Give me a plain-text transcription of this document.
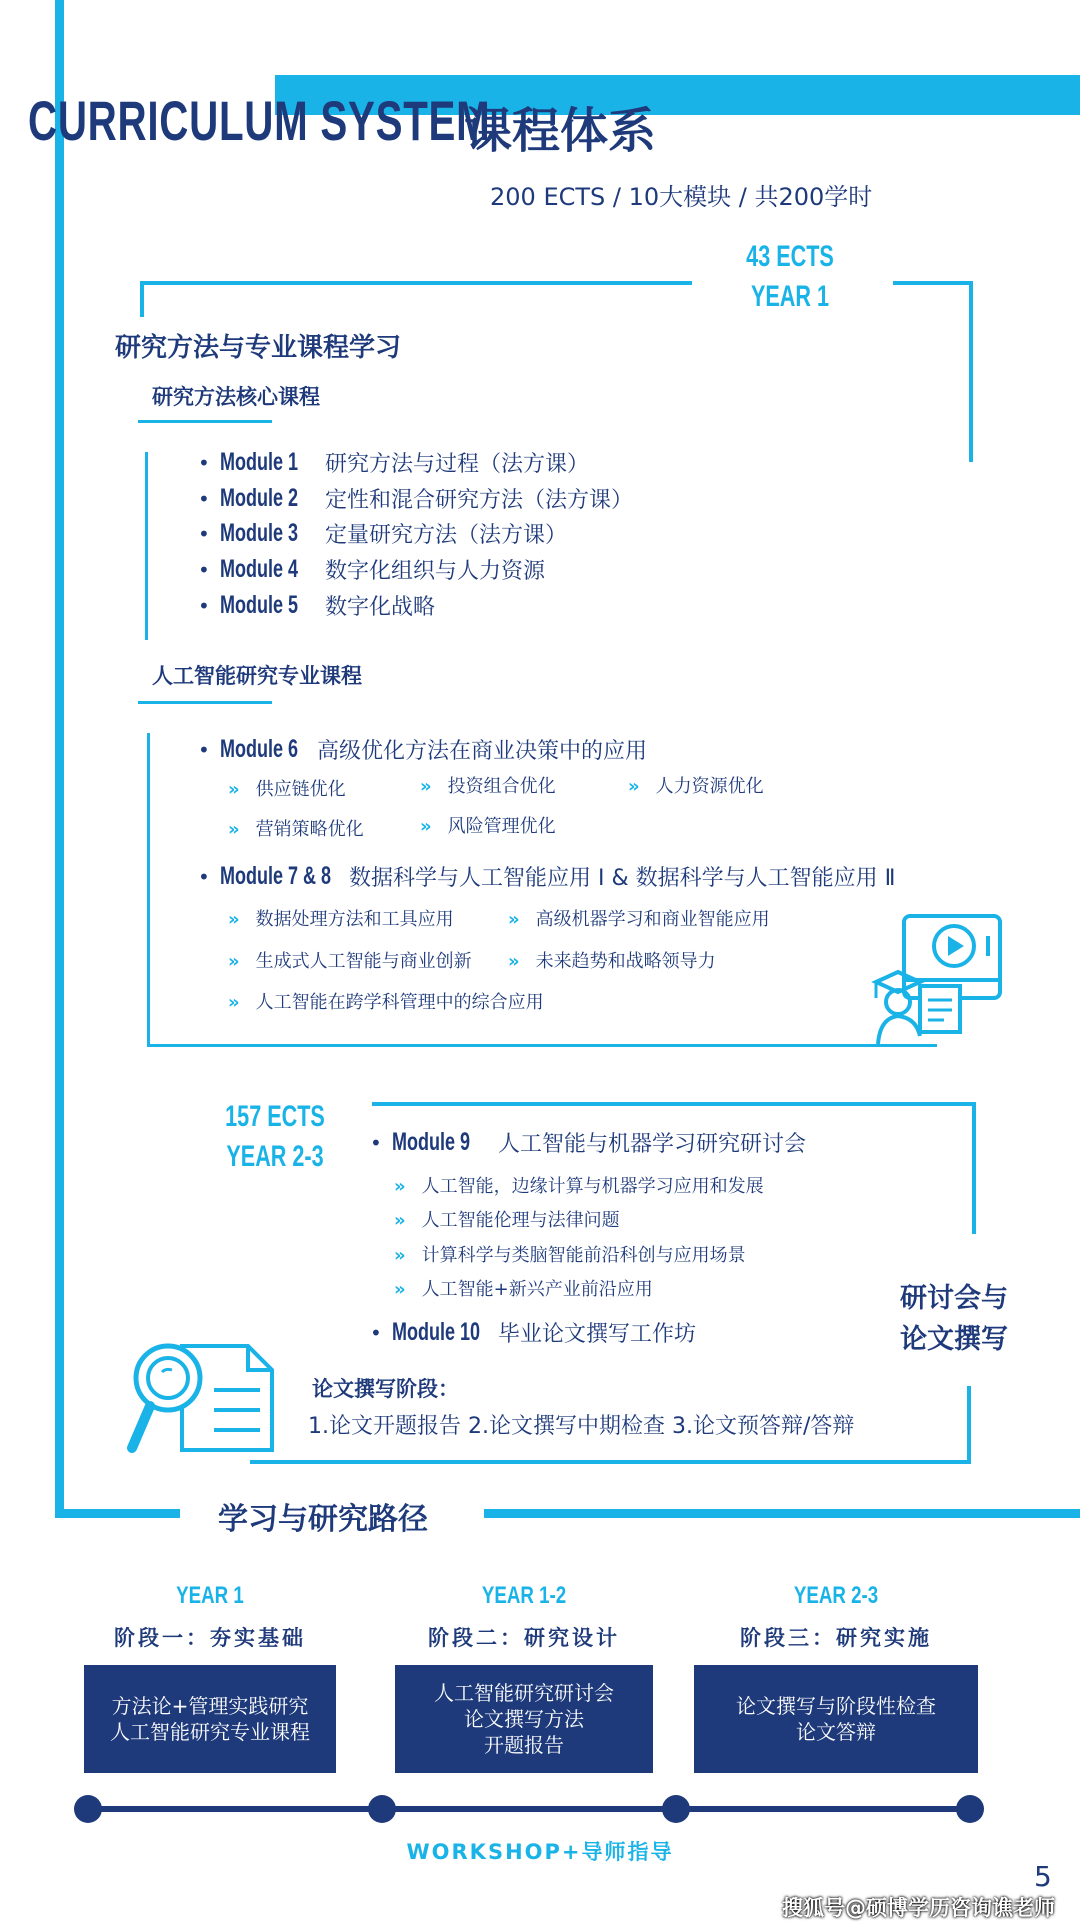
CURRICULUM SYSTEM
课程体系
200 ECTS / 10大模块 / 共200学时
43 ECTS
YEAR 1
研究方法与专业课程学习
研究方法核心课程
• Module 1 研究方法与过程（法方课）
• Module 2 定性和混合研究方法（法方课）
• Module 3 定量研究方法（法方课）
• Module 4 数字化组织与人力资源
• Module 5 数字化战略
人工智能研究专业课程
• Module 6 高级优化方法在商业决策中的应用
» 供应链优化	» 投资组合优化	» 人力资源优化
» 营销策略优化	» 风险管理优化
• Module 7 & 8 数据科学与人工智能应用 Ⅰ & 数据科学与人工智能应用 Ⅱ
» 数据处理方法和工具应用	» 高级机器学习和商业智能应用
» 生成式人工智能与商业创新 » 未来趋势和战略领导力
» 人工智能在跨学科管理中的综合应用
157 ECTS
YEAR 2-3 • Module 9 人工智能与机器学习研究研讨会
» 人工智能，边缘计算与机器学习应用和发展
» 人工智能伦理与法律问题
» 计算科学与类脑智能前沿科创与应用场景
» 人工智能+新兴产业前沿应用
• Module 10 毕业论文撰写工作坊
研讨会与
论文撰写
论文撰写阶段：
1.论文开题报告 2.论文撰写中期检查 3.论文预答辩/答辩
学习与研究路径
YEAR 1
阶段一：夯实基础
方法论+管理实践研究
人工智能研究专业课程
YEAR 1-2
阶段二：研究设计
人工智能研究研讨会
论文撰写方法
开题报告
YEAR 2-3
阶段三：研究实施
论文撰写与阶段性检查
论文答辩
WORKSHOP+导师指导
5
搜狐号@硕博学历咨询谯老师
